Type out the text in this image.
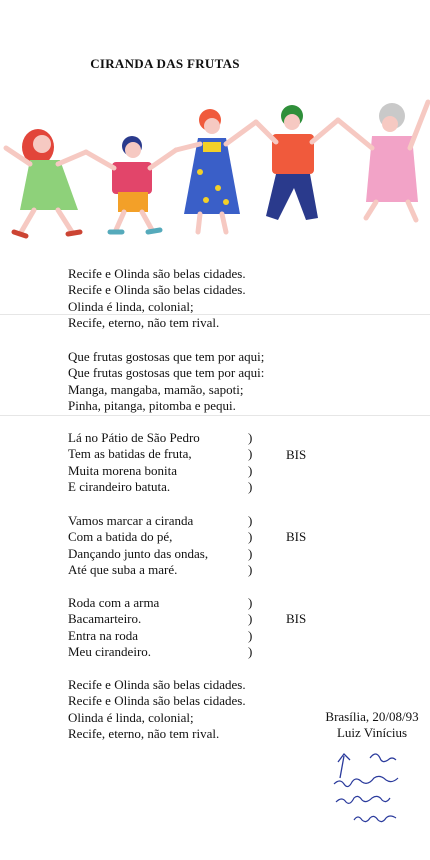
CIRANDA DAS FRUTAS
Recife e Olinda são belas cidades.
Recife e Olinda são belas cidades.
Olinda é linda, colonial;
Recife, eterno, não tem rival.
Que frutas gostosas que tem por aqui;
Que frutas gostosas que tem por aqui:
Manga, mangaba, mamão, sapoti;
Pinha, pitanga, pitomba e pequi.
Lá no Pátio de São Pedro
Tem as batidas de fruta,
Muita morena bonita
E cirandeiro batuta.
)
)
)
)
BIS
Vamos marcar a ciranda
Com a batida do pé,
Dançando junto das ondas,
Até que suba a maré.
)
)
)
)
BIS
Roda com a arma
Bacamarteiro.
Entra na roda
Meu cirandeiro.
)
)
)
)
BIS
Recife e Olinda são belas cidades.
Recife e Olinda são belas cidades.
Olinda é linda, colonial;
Recife, eterno, não tem rival.
Brasília, 20/08/93
Luiz Vinícius
